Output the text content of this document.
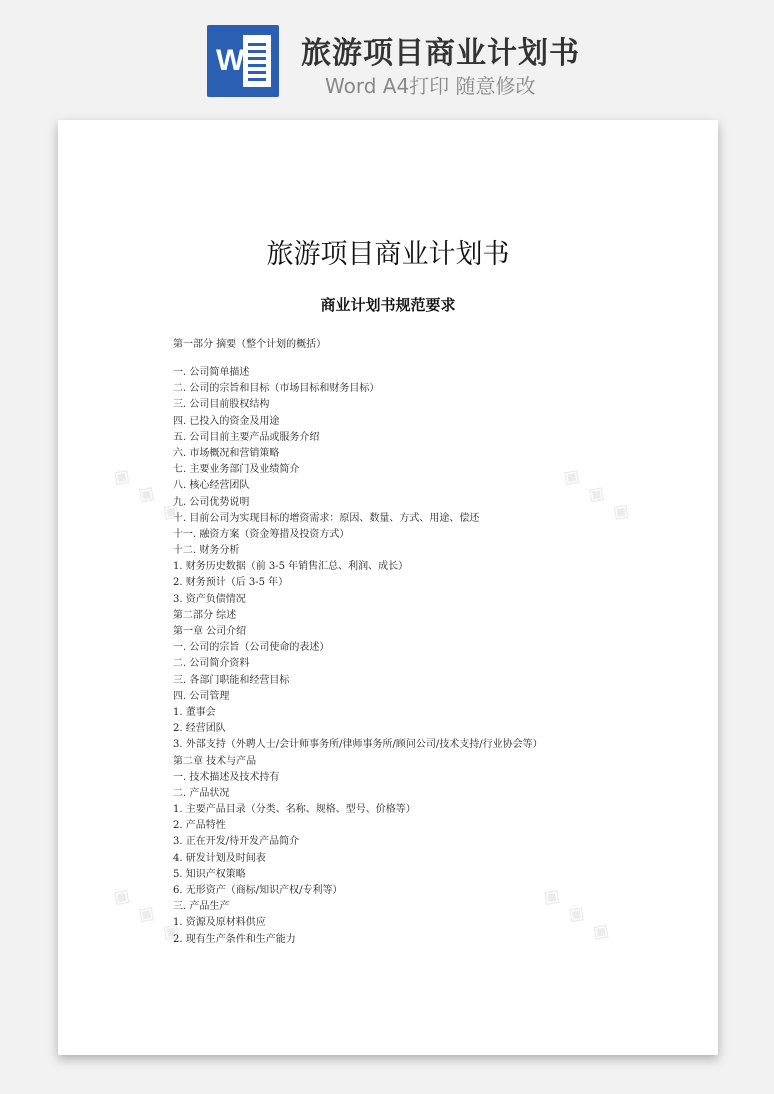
W	旅游项目商业计划书
Word A4打印 随意修改
◈ ◈ ◈	◈ ◈ ◈
◈ ◈ ◈	◈ ◈ ◈
旅游项目商业计划书
商业计划书规范要求
第一部分 摘要（整个计划的概括）
一. 公司简单描述
二. 公司的宗旨和目标（市场目标和财务目标）
三. 公司目前股权结构
四. 已投入的资金及用途
五. 公司目前主要产品或服务介绍
六. 市场概况和营销策略
七. 主要业务部门及业绩简介
八. 核心经营团队
九. 公司优势说明
十. 目前公司为实现目标的增资需求：原因、数量、方式、用途、偿还
十一. 融资方案（资金筹措及投资方式）
十二. 财务分析
1. 财务历史数据（前 3-5 年销售汇总、利润、成长）
2. 财务预计（后 3-5 年）
3. 资产负债情况
第二部分 综述
第一章 公司介绍
一. 公司的宗旨（公司使命的表述）
二. 公司简介资料
三. 各部门职能和经营目标
四. 公司管理
1. 董事会
2. 经营团队
3. 外部支持（外聘人士/会计师事务所/律师事务所/顾问公司/技术支持/行业协会等）
第二章 技术与产品
一. 技术描述及技术持有
二. 产品状况
1. 主要产品目录（分类、名称、规格、型号、价格等）
2. 产品特性
3. 正在开发/待开发产品简介
4. 研发计划及时间表
5. 知识产权策略
6. 无形资产（商标/知识产权/专利等）
三. 产品生产
1. 资源及原材料供应
2. 现有生产条件和生产能力
